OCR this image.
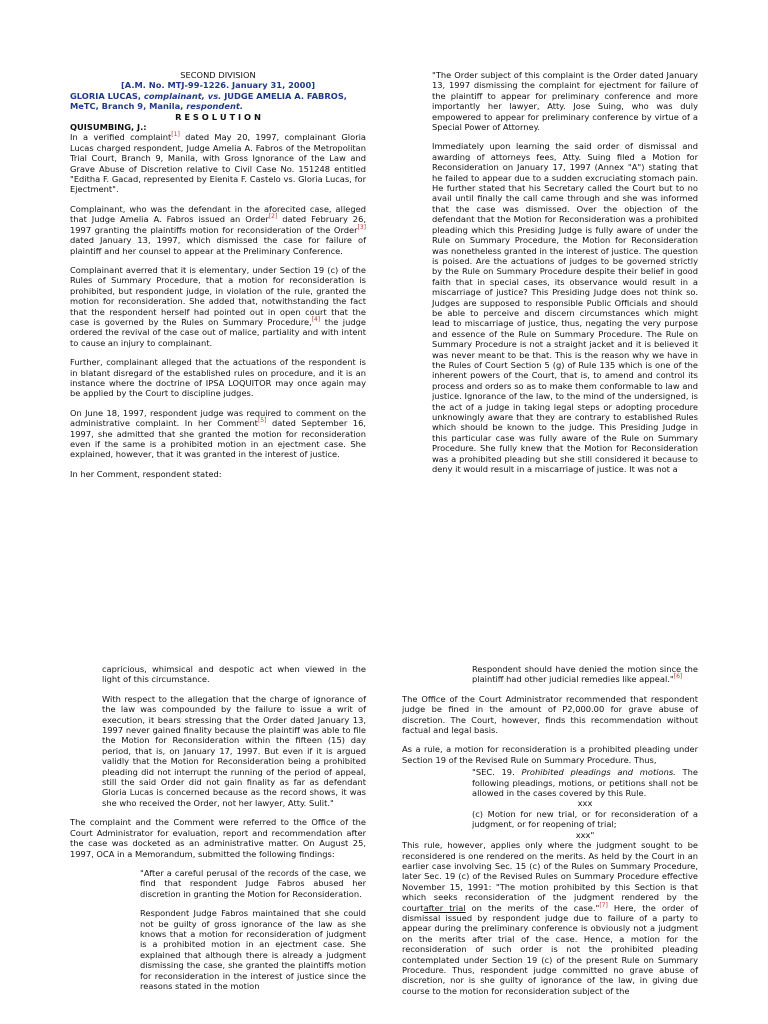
SECOND DIVISION
[A.M. No. MTJ-99-1226. January 31, 2000]
GLORIA LUCAS, complainant, vs. JUDGE AMELIA A. FABROS, MeTC, Branch 9, Manila, respondent.
R E S O L U T I O N
QUISUMBING, J.:

In a verified complaint[1] dated May 20, 1997, complainant Gloria Lucas charged respondent, Judge Amelia A. Fabros of the Metropolitan Trial Court, Branch 9, Manila, with Gross Ignorance of the Law and Grave Abuse of Discretion relative to Civil Case No. 151248 entitled "Editha F. Gacad, represented by Elenita F. Castelo vs. Gloria Lucas, for Ejectment".

Complainant, who was the defendant in the aforecited case, alleged that Judge Amelia A. Fabros issued an Order[2] dated February 26, 1997 granting the plaintiffs motion for reconsideration of the Order[3] dated January 13, 1997, which dismissed the case for failure of plaintiff and her counsel to appear at the Preliminary Conference.

Complainant averred that it is elementary, under Section 19 (c) of the Rules of Summary Procedure, that a motion for reconsideration is prohibited, but respondent judge, in violation of the rule, granted the motion for reconsideration. She added that, notwithstanding the fact that the respondent herself had pointed out in open court that the case is governed by the Rules on Summary Procedure,[4] the judge ordered the revival of the case out of malice, partiality and with intent to cause an injury to complainant.

Further, complainant alleged that the actuations of the respondent is in blatant disregard of the established rules on procedure, and it is an instance where the doctrine of IPSA LOQUITOR may once again may be applied by the Court to discipline judges.

On June 18, 1997, respondent judge was required to comment on the administrative complaint. In her Comment[5] dated September 16, 1997, she admitted that she granted the motion for reconsideration even if the same is a prohibited motion in an ejectment case. She explained, however, that it was granted in the interest of justice.

In her Comment, respondent stated:

"The Order subject of this complaint is the Order dated January 13, 1997 dismissing the complaint for ejectment for failure of the plaintiff to appear for preliminary conference and more importantly her lawyer, Atty. Jose Suing, who was duly empowered to appear for preliminary conference by virtue of a Special Power of Attorney.

Immediately upon learning the said order of dismissal and awarding of attorneys fees, Atty. Suing filed a Motion for Reconsideration on January 17, 1997 (Annex "A") stating that he failed to appear due to a sudden excruciating stomach pain. He further stated that his Secretary called the Court but to no avail until finally the call came through and she was informed that the case was dismissed. Over the objection of the defendant that the Motion for Reconsideration was a prohibited pleading which this Presiding Judge is fully aware of under the Rule on Summary Procedure, the Motion for Reconsideration was nonetheless granted in the interest of justice. The question is poised. Are the actuations of judges to be governed strictly by the Rule on Summary Procedure despite their belief in good faith that in special cases, its observance would result in a miscarriage of justice? This Presiding Judge does not think so. Judges are supposed to responsible Public Officials and should be able to perceive and discern circumstances which might lead to miscarriage of justice, thus, negating the very purpose and essence of the Rule on Summary Procedure. The Rule on Summary Procedure is not a straight jacket and it is believed it was never meant to be that. This is the reason why we have in the Rules of Court Section 5 (g) of Rule 135 which is one of the inherent powers of the Court, that is, to amend and control its process and orders so as to make them conformable to law and justice. Ignorance of the law, to the mind of the undersigned, is the act of a judge in taking legal steps or adopting procedure unknowingly aware that they are contrary to established Rules which should be known to the judge. This Presiding Judge in this particular case was fully aware of the Rule on Summary Procedure. She fully knew that the Motion for Reconsideration was a prohibited pleading but she still considered it because to deny it would result in a miscarriage of justice. It was not a

capricious, whimsical and despotic act when viewed in the light of this circumstance.

With respect to the allegation that the charge of ignorance of the law was compounded by the failure to issue a writ of execution, it bears stressing that the Order dated January 13, 1997 never gained finality because the plaintiff was able to file the Motion for Reconsideration within the fifteen (15) day period, that is, on January 17, 1997. But even if it is argued validly that the Motion for Reconsideration being a prohibited pleading did not interrupt the running of the period of appeal, still the said Order did not gain finality as far as defendant Gloria Lucas is concerned because as the record shows, it was she who received the Order, not her lawyer, Atty. Sulit."

The complaint and the Comment were referred to the Office of the Court Administrator for evaluation, report and recommendation after the case was docketed as an administrative matter. On August 25, 1997, OCA in a Memorandum, submitted the following findings:

"After a careful perusal of the records of the case, we find that respondent Judge Fabros abused her discretion in granting the Motion for Reconsideration.

Respondent Judge Fabros maintained that she could not be guilty of gross ignorance of the law as she knows that a motion for reconsideration of judgment is a prohibited motion in an ejectment case. She explained that although there is already a judgment dismissing the case, she granted the plaintiffs motion for reconsideration in the interest of justice since the reasons stated in the motion

Respondent should have denied the motion since the plaintiff had other judicial remedies like appeal."[6]

The Office of the Court Administrator recommended that respondent judge be fined in the amount of P2,000.00 for grave abuse of discretion. The Court, however, finds this recommendation without factual and legal basis.

As a rule, a motion for reconsideration is a prohibited pleading under Section 19 of the Revised Rule on Summary Procedure. Thus,

"SEC. 19. Prohibited pleadings and motions. The following pleadings, motions, or petitions shall not be allowed in the cases covered by this Rule.

xxx

(c) Motion for new trial, or for reconsideration of a judgment, or for reopening of trial;

xxx"

This rule, however, applies only where the judgment sought to be reconsidered is one rendered on the merits. As held by the Court in an earlier case involving Sec. 15 (c) of the Rules on Summary Procedure, later Sec. 19 (c) of the Revised Rules on Summary Procedure effective November 15, 1991: "The motion prohibited by this Section is that which seeks reconsideration of the judgment rendered by the courtafter trial on the merits of the case."[7] Here, the order of dismissal issued by respondent judge due to failure of a party to appear during the preliminary conference is obviously not a judgment on the merits after trial of the case. Hence, a motion for the reconsideration of such order is not the prohibited pleading contemplated under Section 19 (c) of the present Rule on Summary Procedure. Thus, respondent judge committed no grave abuse of discretion, nor is she guilty of ignorance of the law, in giving due course to the motion for reconsideration subject of the
